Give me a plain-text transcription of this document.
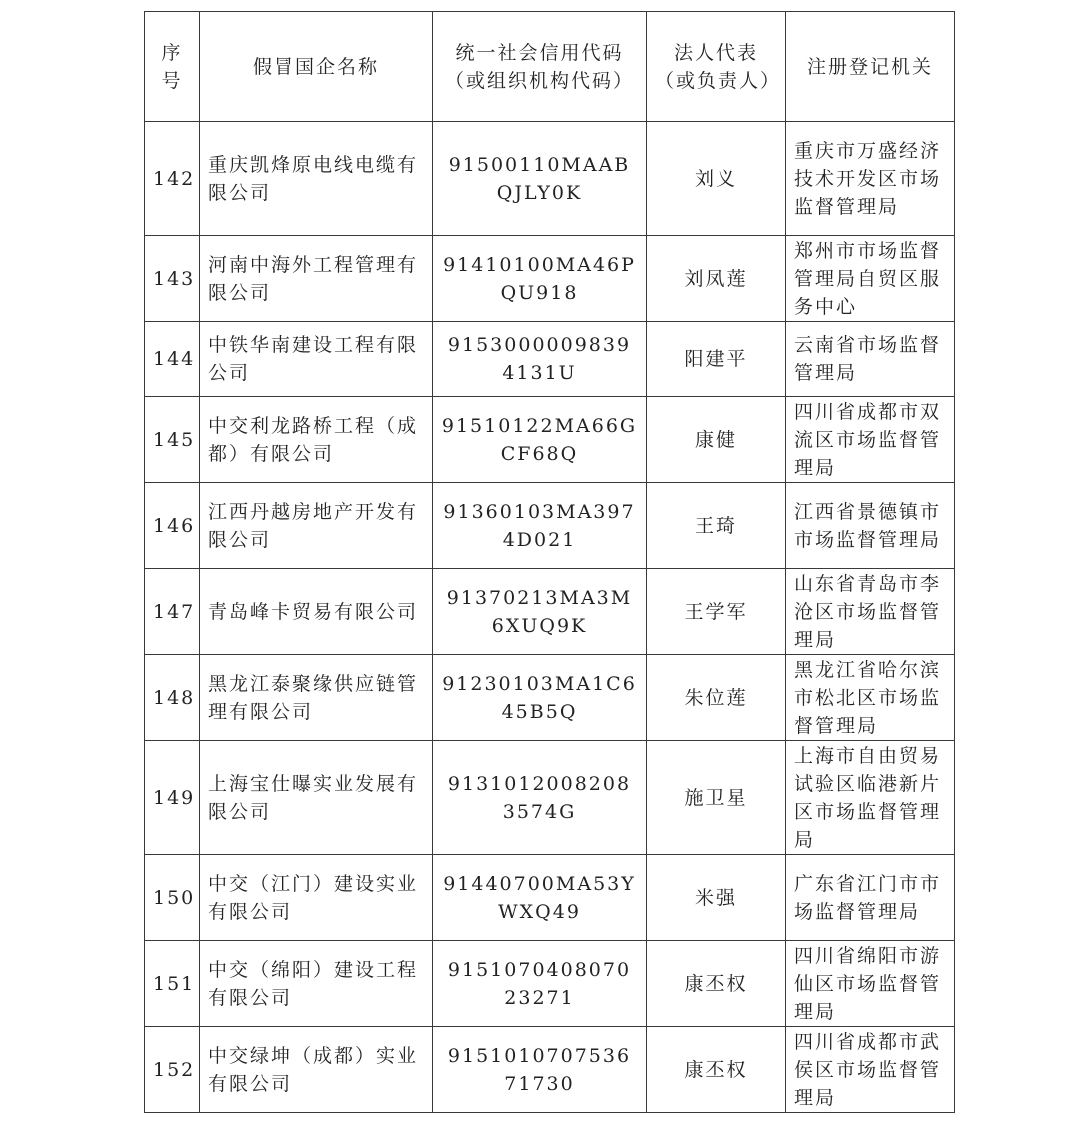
序号	假冒国企名称	统一社会信用代码（或组织机构代码）	法人代表（或负责人）	注册登记机关
142	重庆凯烽原电线电缆有限公司	91500110MAABQJLY0K	刘义	重庆市万盛经济技术开发区市场监督管理局
143	河南中海外工程管理有限公司	91410100MA46PQU918	刘凤莲	郑州市市场监督管理局自贸区服务中心
144	中铁华南建设工程有限公司	91530000098394131U	阳建平	云南省市场监督管理局
145	中交利龙路桥工程（成都）有限公司	91510122MA66GCF68Q	康健	四川省成都市双流区市场监督管理局
146	江西丹越房地产开发有限公司	91360103MA3974D021	王琦	江西省景德镇市市场监督管理局
147	青岛峰卡贸易有限公司	91370213MA3M6XUQ9K	王学军	山东省青岛市李沧区市场监督管理局
148	黑龙江泰聚缘供应链管理有限公司	91230103MA1C645B5Q	朱位莲	黑龙江省哈尔滨市松北区市场监督管理局
149	上海宝仕曝实业发展有限公司	91310120082083574G	施卫星	上海市自由贸易试验区临港新片区市场监督管理局
150	中交（江门）建设实业有限公司	91440700MA53YWXQ49	米强	广东省江门市市场监督管理局
151	中交（绵阳）建设工程有限公司	915107040807023271	康丕权	四川省绵阳市游仙区市场监督管理局
152	中交绿坤（成都）实业有限公司	915101070753671730	康丕权	四川省成都市武侯区市场监督管理局
